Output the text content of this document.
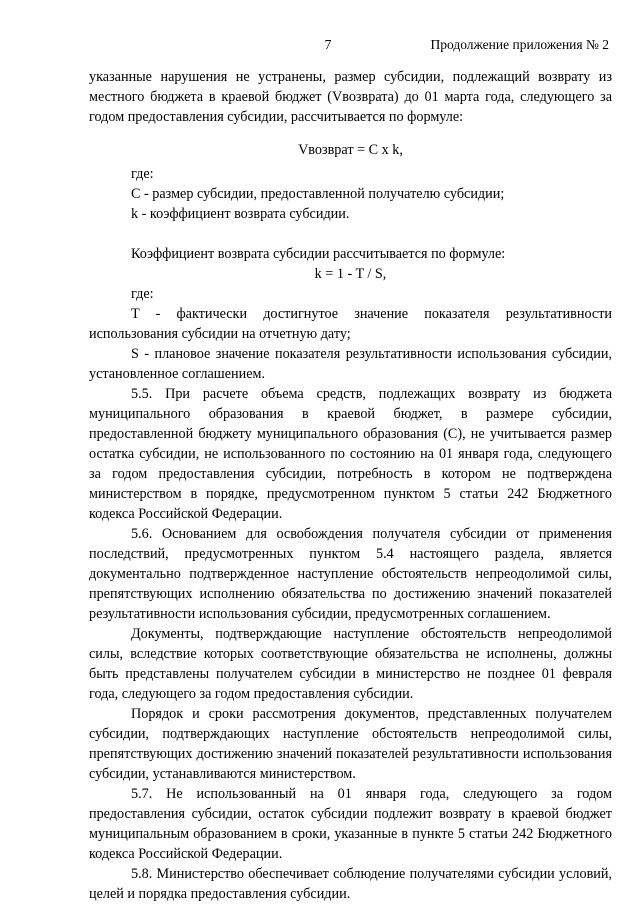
7	Продолжение приложения № 2

указанные нарушения не устранены, размер субсидии, подлежащий возврату из местного бюджета в краевой бюджет (Vвозврата) до 01 марта года, следующего за годом предоставления субсидии, рассчитывается по формуле:

Vвозврат = C x k,

где:

C - размер субсидии, предоставленной получателю субсидии;

k - коэффициент возврата субсидии.

Коэффициент возврата субсидии рассчитывается по формуле:

k = 1 - T / S,

где:

T - фактически достигнутое значение показателя результативности использования субсидии на отчетную дату;

S - плановое значение показателя результативности использования субсидии, установленное соглашением.

5.5. При расчете объема средств, подлежащих возврату из бюджета муниципального образования в краевой бюджет, в размере субсидии, предоставленной бюджету муниципального образования (C), не учитывается размер остатка субсидии, не использованного по состоянию на 01 января года, следующего за годом предоставления субсидии, потребность в котором не подтверждена министерством в порядке, предусмотренном пунктом 5 статьи 242 Бюджетного кодекса Российской Федерации.

5.6. Основанием для освобождения получателя субсидии от применения последствий, предусмотренных пунктом 5.4 настоящего раздела, является документально подтвержденное наступление обстоятельств непреодолимой силы, препятствующих исполнению обязательства по достижению значений показателей результативности использования субсидии, предусмотренных соглашением.

Документы, подтверждающие наступление обстоятельств непреодолимой силы, вследствие которых соответствующие обязательства не исполнены, должны быть представлены получателем субсидии в министерство не позднее 01 февраля года, следующего за годом предоставления субсидии.

Порядок и сроки рассмотрения документов, представленных получателем субсидии, подтверждающих наступление обстоятельств непреодолимой силы, препятствующих достижению значений показателей результативности использования субсидии, устанавливаются министерством.

5.7. Не использованный на 01 января года, следующего за годом предоставления субсидии, остаток субсидии подлежит возврату в краевой бюджет муниципальным образованием в сроки, указанные в пункте 5 статьи 242 Бюджетного кодекса Российской Федерации.

5.8. Министерство обеспечивает соблюдение получателями субсидии условий, целей и порядка предоставления субсидии.
